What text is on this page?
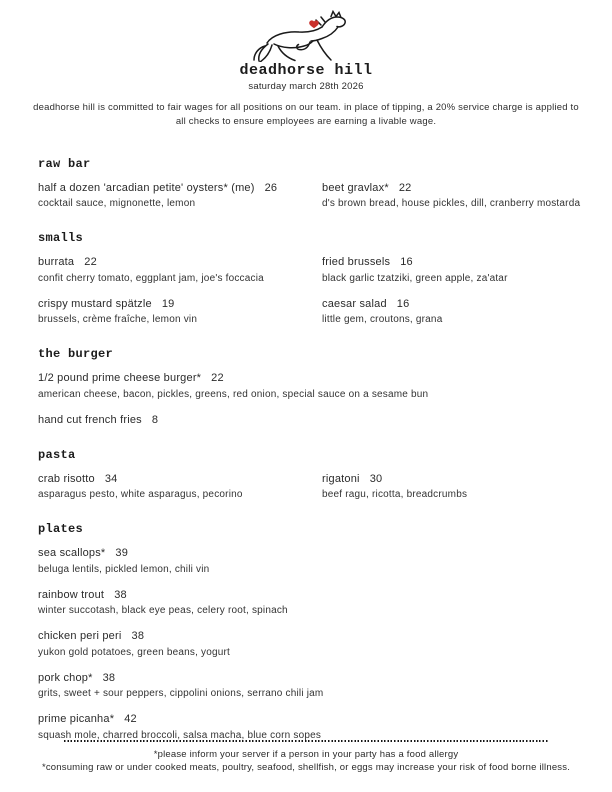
deadhorse hill
saturday march 28th 2026
deadhorse hill is committed to fair wages for all positions on our team. in place of tipping, a 20% service charge is applied to
all checks to ensure employees are earning a livable wage.
raw bar
half a dozen 'arcadian petite' oysters* (me) 26
cocktail sauce, mignonette, lemon
beet gravlax* 22
d's brown bread, house pickles, dill, cranberry mostarda
smalls
burrata 22
confit cherry tomato, eggplant jam, joe's foccacia
fried brussels 16
black garlic tzatziki, green apple, za'atar
crispy mustard spätzle 19
brussels, crème fraîche, lemon vin
caesar salad 16
little gem, croutons, grana
the burger
1/2 pound prime cheese burger* 22
american cheese, bacon, pickles, greens, red onion, special sauce on a sesame bun
hand cut french fries 8
pasta
crab risotto 34
asparagus pesto, white asparagus, pecorino
rigatoni 30
beef ragu, ricotta, breadcrumbs
plates
sea scallops* 39
beluga lentils, pickled lemon, chili vin
rainbow trout 38
winter succotash, black eye peas, celery root, spinach
chicken peri peri 38
yukon gold potatoes, green beans, yogurt
pork chop* 38
grits, sweet + sour peppers, cippolini onions, serrano chili jam
prime picanha* 42
squash mole, charred broccoli, salsa macha, blue corn sopes

*please inform your server if a person in your party has a food allergy

*consuming raw or under cooked meats, poultry, seafood, shellfish, or eggs may increase your risk of food borne illness.
